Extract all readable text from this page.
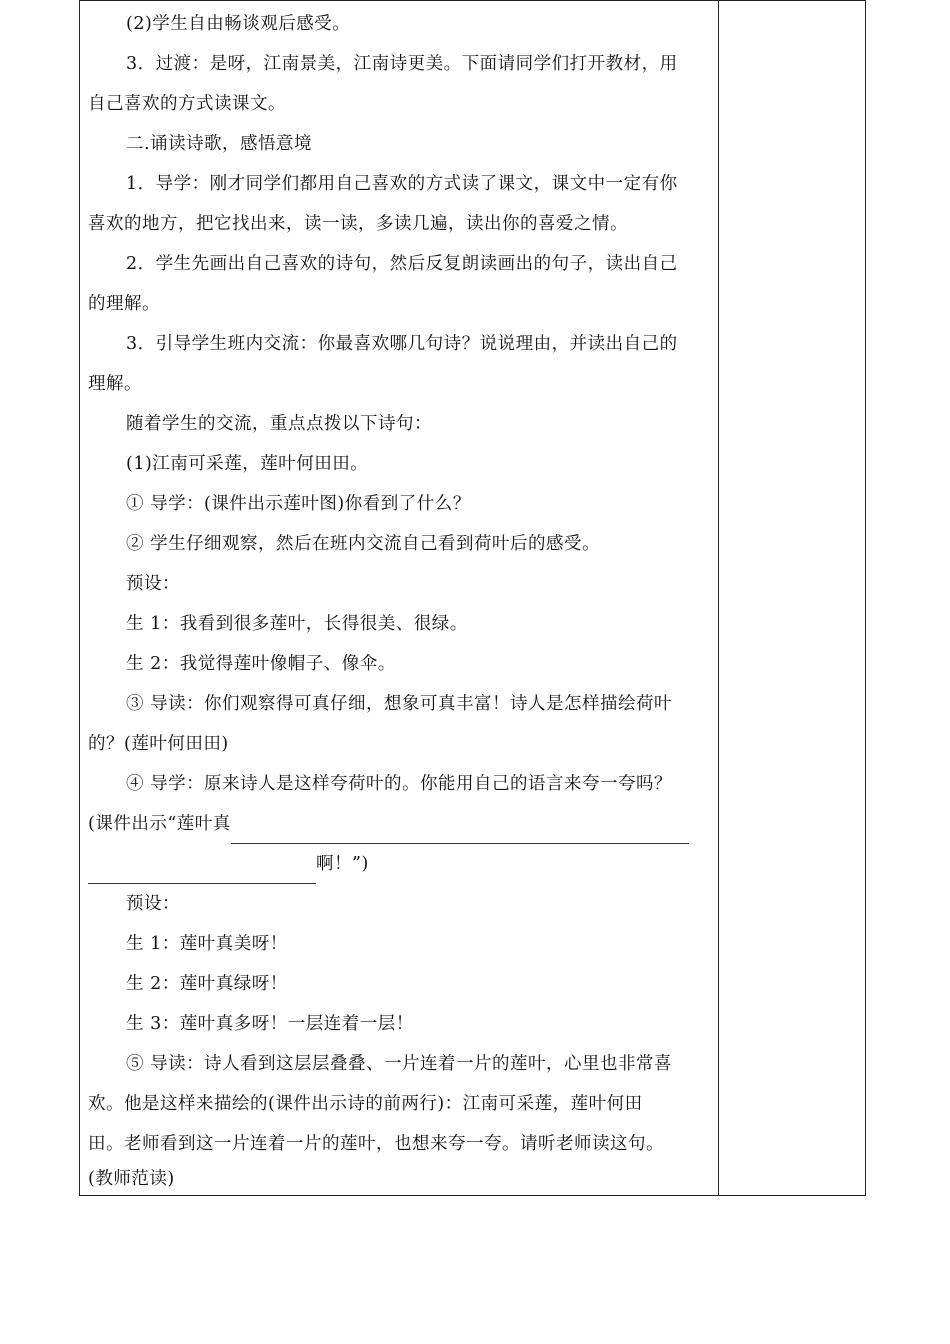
(2)学生自由畅谈观后感受。
3．过渡：是呀，江南景美，江南诗更美。下面请同学们打开教材，用
自己喜欢的方式读课文。
二.诵读诗歌，感悟意境
1．导学：刚才同学们都用自己喜欢的方式读了课文，课文中一定有你
喜欢的地方，把它找出来，读一读，多读几遍，读出你的喜爱之情。
2．学生先画出自己喜欢的诗句，然后反复朗读画出的句子，读出自己
的理解。
3．引导学生班内交流：你最喜欢哪几句诗？说说理由，并读出自己的
理解。
随着学生的交流，重点点拨以下诗句：
(1)江南可采莲，莲叶何田田。
① 导学：(课件出示莲叶图)你看到了什么？
② 学生仔细观察，然后在班内交流自己看到荷叶后的感受。
预设：
生 1：我看到很多莲叶，长得很美、很绿。
生 2：我觉得莲叶像帽子、像伞。
③ 导读：你们观察得可真仔细，想象可真丰富！诗人是怎样描绘荷叶
的？(莲叶何田田)
④ 导学：原来诗人是这样夸荷叶的。你能用自己的语言来夸一夸吗？
(课件出示“莲叶真
啊！”)
预设：
生 1：莲叶真美呀！
生 2：莲叶真绿呀！
生 3：莲叶真多呀！一层连着一层！
⑤ 导读：诗人看到这层层叠叠、一片连着一片的莲叶，心里也非常喜
欢。他是这样来描绘的(课件出示诗的前两行)：江南可采莲，莲叶何田
田。老师看到这一片连着一片的莲叶，也想来夸一夸。请听老师读这句。
(教师范读)
